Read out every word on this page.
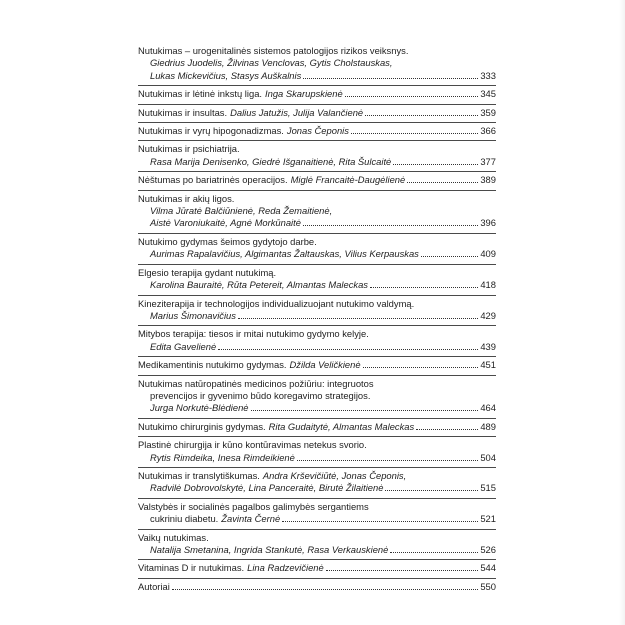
Nutukimas – urogenitalinės sistemos patologijos rizikos veiksnys.
Giedrius Juodelis, Žilvinas Venclovas, Gytis Cholstauskas,
Lukas Mickevičius, Stasys Auškalnis	333
Nutukimas ir lėtinė inkstų liga. Inga Skarupskienė	345
Nutukimas ir insultas. Dalius Jatužis, Julija Valančienė	359
Nutukimas ir vyrų hipogonadizmas. Jonas Čeponis	366
Nutukimas ir psichiatrija.
Rasa Marija Denisenko, Giedrė Išganaitienė, Rita Šulcaitė	377
Nėštumas po bariatrinės operacijos. Miglė Francaitė-Daugėlienė	389
Nutukimas ir akių ligos.
Vilma Jūratė Balčiūnienė, Reda Žemaitienė,
Aistė Varoniukaitė, Agnė Morkūnaitė	396
Nutukimo gydymas šeimos gydytojo darbe.
Aurimas Rapalavičius, Algimantas Žaltauskas, Vilius Kerpauskas	409
Elgesio terapija gydant nutukimą.
Karolina Bauraitė, Rūta Petereit, Almantas Maleckas	418
Kineziterapija ir technologijos individualizuojant nutukimo valdymą.
Marius Šimonavičius	429
Mitybos terapija: tiesos ir mitai nutukimo gydymo kelyje.
Edita Gavelienė	439
Medikamentinis nutukimo gydymas. Džilda Veličkienė	451
Nutukimas natūropatinės medicinos požiūriu: integruotos
prevencijos ir gyvenimo būdo koregavimo strategijos.
Jurga Norkutė-Blėdienė	464
Nutukimo chirurginis gydymas. Rita Gudaitytė, Almantas Maleckas	489
Plastinė chirurgija ir kūno kontūravimas netekus svorio.
Rytis Rimdeika, Inesa Rimdeikienė	504
Nutukimas ir translytiškumas. Andra Krševičiūtė, Jonas Čeponis,
Radvilė Dobrovolskytė, Lina Panceraitė, Birutė Žilaitienė	515
Valstybės ir socialinės pagalbos galimybės sergantiems
cukriniu diabetu. Žavinta Černė	521
Vaikų nutukimas.
Natalija Smetanina, Ingrida Stankutė, Rasa Verkauskienė	526
Vitaminas D ir nutukimas. Lina Radzevičienė	544
Autoriai	550
